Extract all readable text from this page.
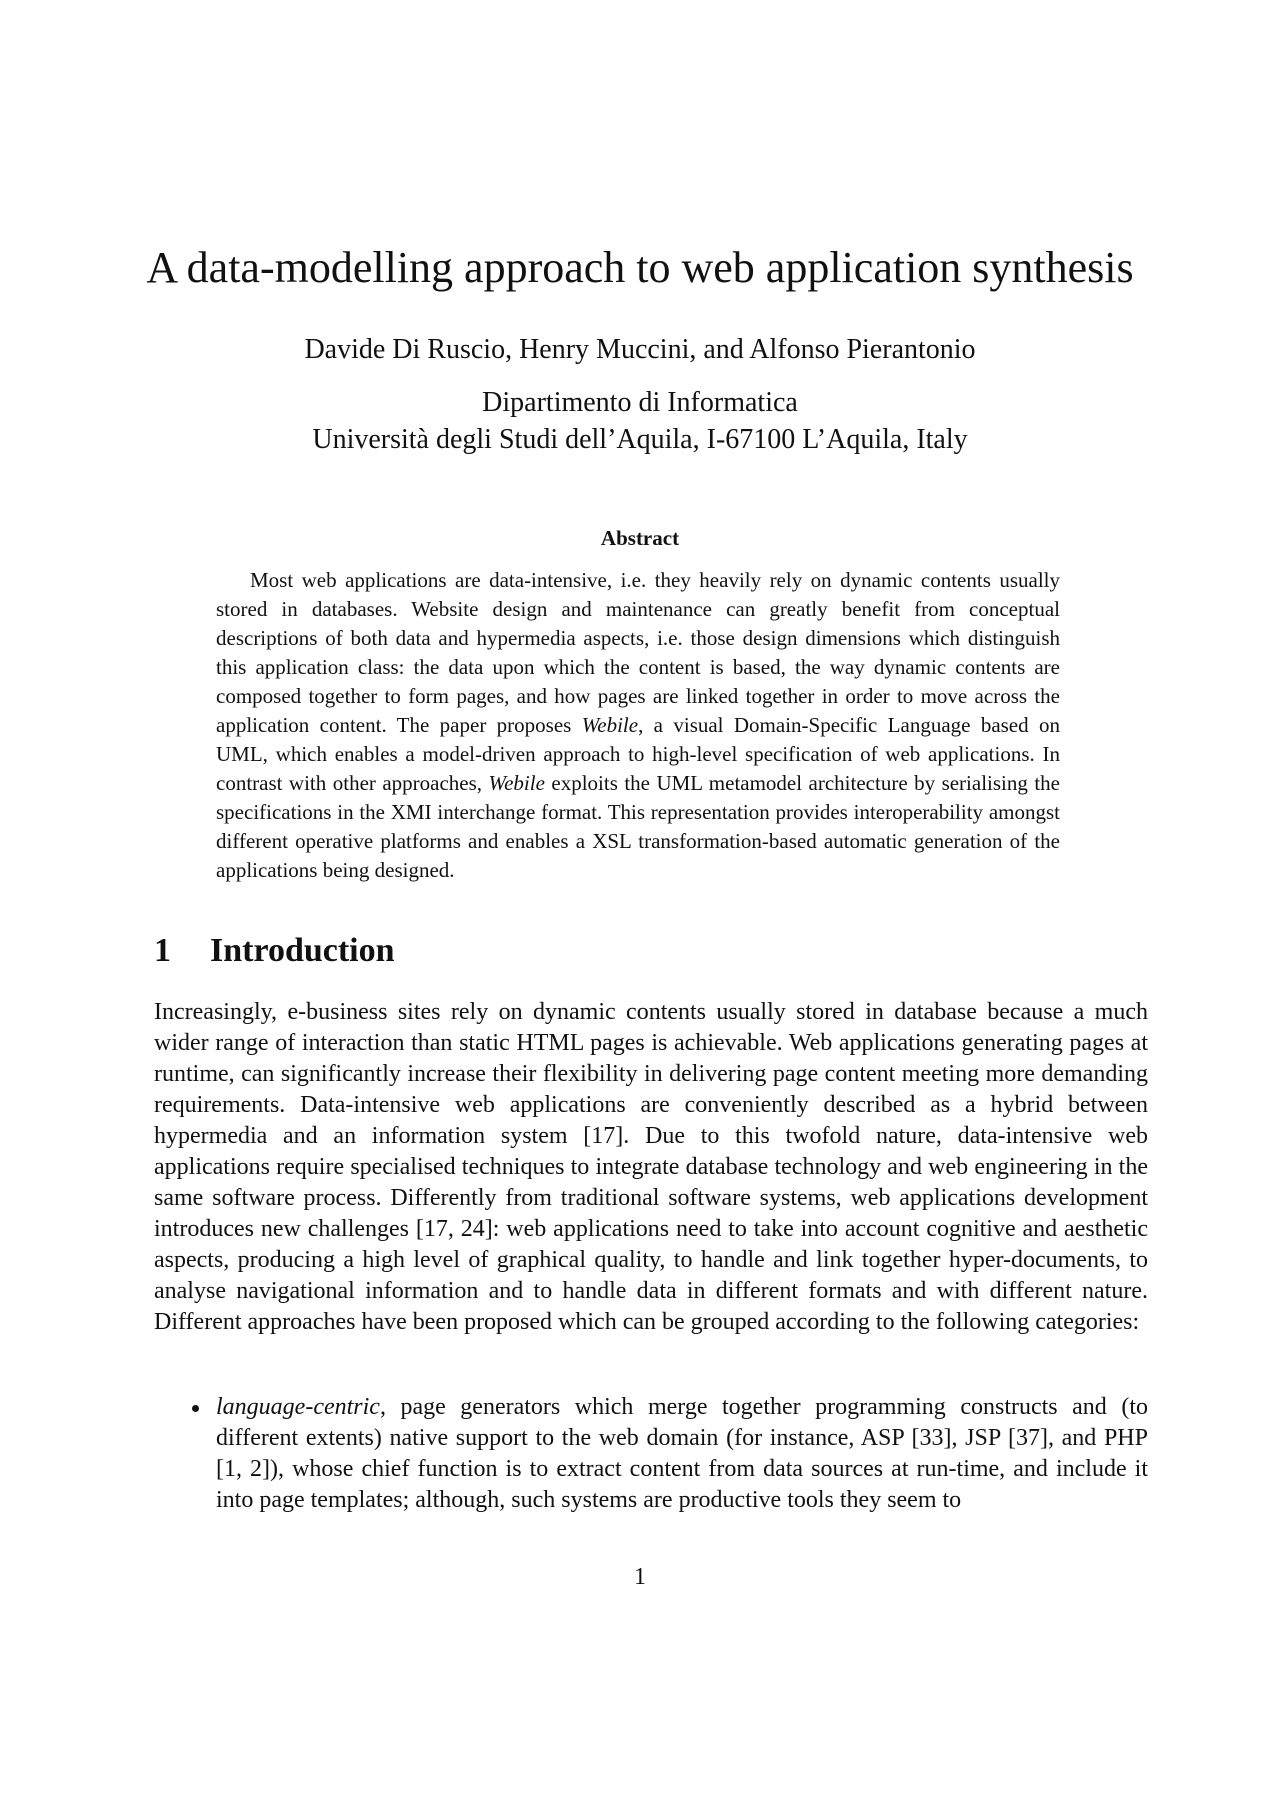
A data-modelling approach to web application synthesis
Davide Di Ruscio, Henry Muccini, and Alfonso Pierantonio
Dipartimento di Informatica
Università degli Studi dell’Aquila, I-67100 L’Aquila, Italy
Abstract

Most web applications are data-intensive, i.e. they heavily rely on dynamic contents usually stored in databases. Website design and maintenance can greatly benefit from conceptual descriptions of both data and hypermedia aspects, i.e. those design dimensions which distinguish this application class: the data upon which the content is based, the way dynamic contents are composed together to form pages, and how pages are linked together in order to move across the application content. The paper proposes Webile, a visual Domain-Specific Language based on UML, which enables a model-driven approach to high-level specification of web applications. In contrast with other approaches, Webile exploits the UML metamodel architecture by serialising the specifications in the XMI interchange format. This representation provides interoperability amongst different operative platforms and enables a XSL transformation-based automatic generation of the applications being designed.

1 Introduction

Increasingly, e-business sites rely on dynamic contents usually stored in database because a much wider range of interaction than static HTML pages is achievable. Web applications generating pages at runtime, can significantly increase their flexibility in delivering page content meeting more demanding requirements. Data-intensive web applications are conveniently described as a hybrid between hypermedia and an information system [17]. Due to this twofold nature, data-intensive web applications require specialised techniques to integrate database technology and web engineering in the same software process. Differently from traditional software systems, web applications development introduces new challenges [17, 24]: web applications need to take into account cognitive and aesthetic aspects, producing a high level of graphical quality, to handle and link together hyper-documents, to analyse navigational information and to handle data in different formats and with different nature. Different approaches have been proposed which can be grouped according to the following categories:

language-centric, page generators which merge together programming constructs and (to different extents) native support to the web domain (for instance, ASP [33], JSP [37], and PHP [1, 2]), whose chief function is to extract content from data sources at run-time, and include it into page templates; although, such systems are productive tools they seem to
1
